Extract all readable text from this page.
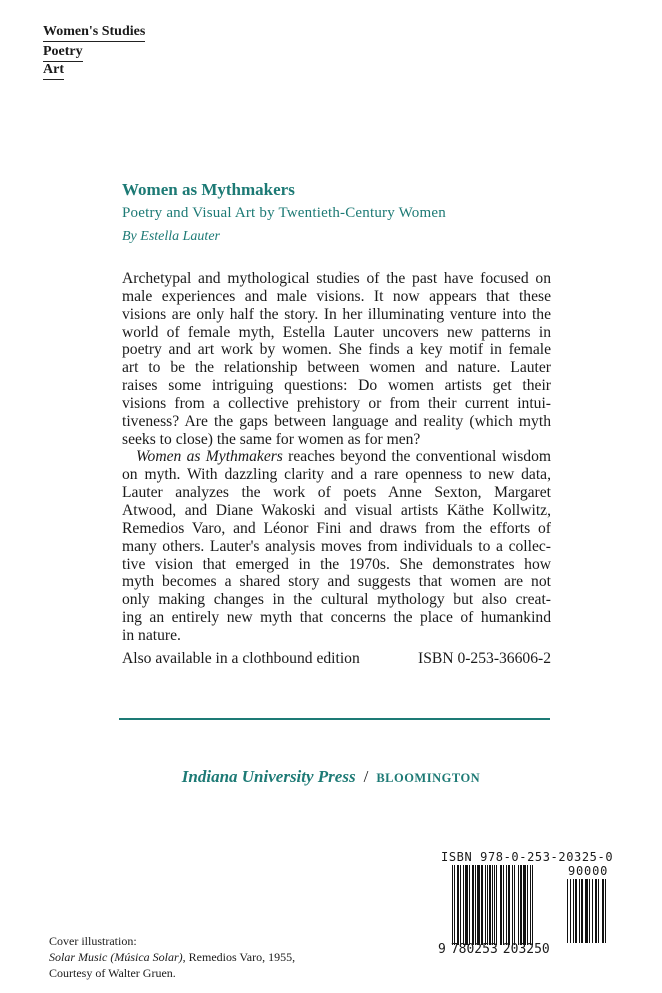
Women's Studies
Poetry
Art
Women as Mythmakers
Poetry and Visual Art by Twentieth-Century Women
By Estella Lauter
Archetypal and mythological studies of the past have focused on
male experiences and male visions. It now appears that these
visions are only half the story. In her illuminating venture into the
world of female myth, Estella Lauter uncovers new patterns in
poetry and art work by women. She finds a key motif in female
art to be the relationship between women and nature. Lauter
raises some intriguing questions: Do women artists get their
visions from a collective prehistory or from their current intui-
tiveness? Are the gaps between language and reality (which myth
seeks to close) the same for women as for men?
Women as Mythmakers reaches beyond the conventional wisdom
on myth. With dazzling clarity and a rare openness to new data,
Lauter analyzes the work of poets Anne Sexton, Margaret
Atwood, and Diane Wakoski and visual artists Käthe Kollwitz,
Remedios Varo, and Léonor Fini and draws from the efforts of
many others. Lauter's analysis moves from individuals to a collec-
tive vision that emerged in the 1970s. She demonstrates how
myth becomes a shared story and suggests that women are not
only making changes in the cultural mythology but also creat-
ing an entirely new myth that concerns the place of humankind
in nature.
Also available in a clothbound edition	ISBN 0-253-36606-2
Indiana University Press / BLOOMINGTON
ISBN 978-0-253-20325-0
90000
9 780253 203250
Cover illustration:
Solar Music (Música Solar), Remedios Varo, 1955,
Courtesy of Walter Gruen.
